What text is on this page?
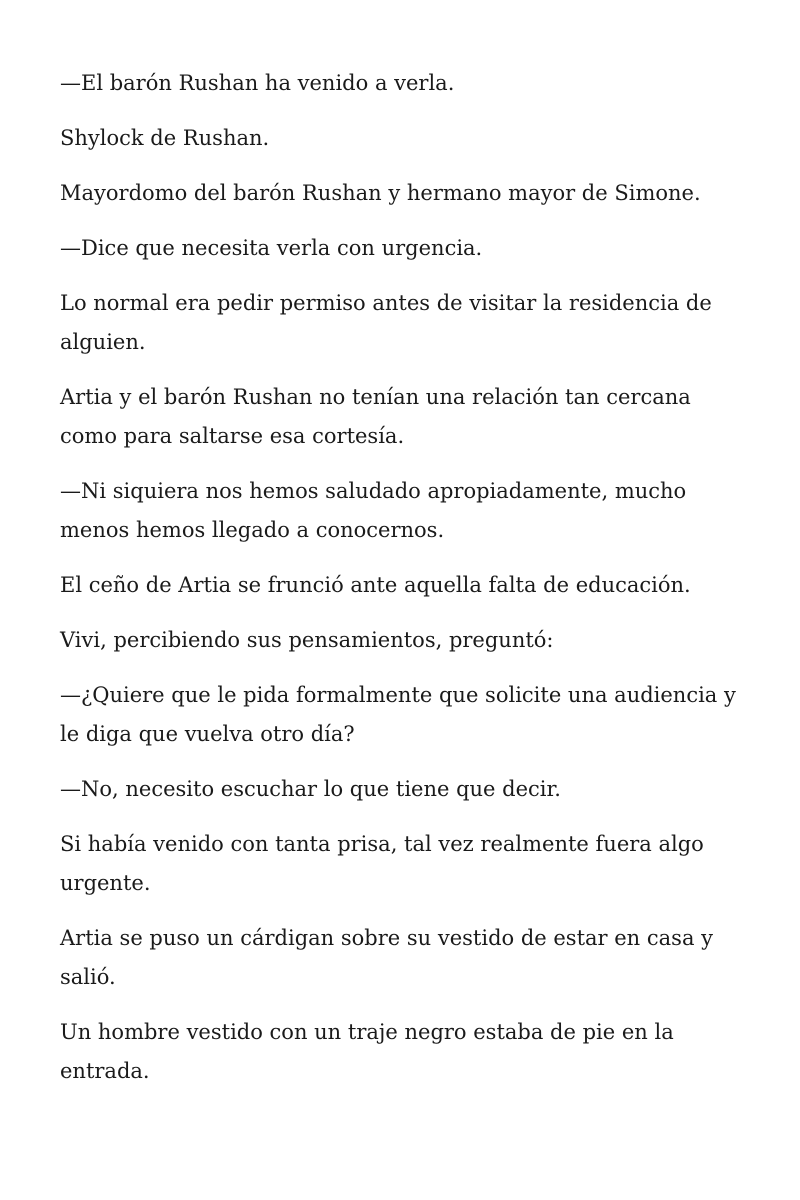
—El barón Rushan ha venido a verla.

Shylock de Rushan.

Mayordomo del barón Rushan y hermano mayor de Simone.

—Dice que necesita verla con urgencia.

Lo normal era pedir permiso antes de visitar la residencia de alguien.

Artia y el barón Rushan no tenían una relación tan cercana como para saltarse esa cortesía.

—Ni siquiera nos hemos saludado apropiadamente, mucho menos hemos llegado a conocernos.

El ceño de Artia se frunció ante aquella falta de educación.

Vivi, percibiendo sus pensamientos, preguntó:

—¿Quiere que le pida formalmente que solicite una audiencia y le diga que vuelva otro día?

—No, necesito escuchar lo que tiene que decir.

Si había venido con tanta prisa, tal vez realmente fuera algo urgente.

Artia se puso un cárdigan sobre su vestido de estar en casa y salió.

Un hombre vestido con un traje negro estaba de pie en la entrada.
